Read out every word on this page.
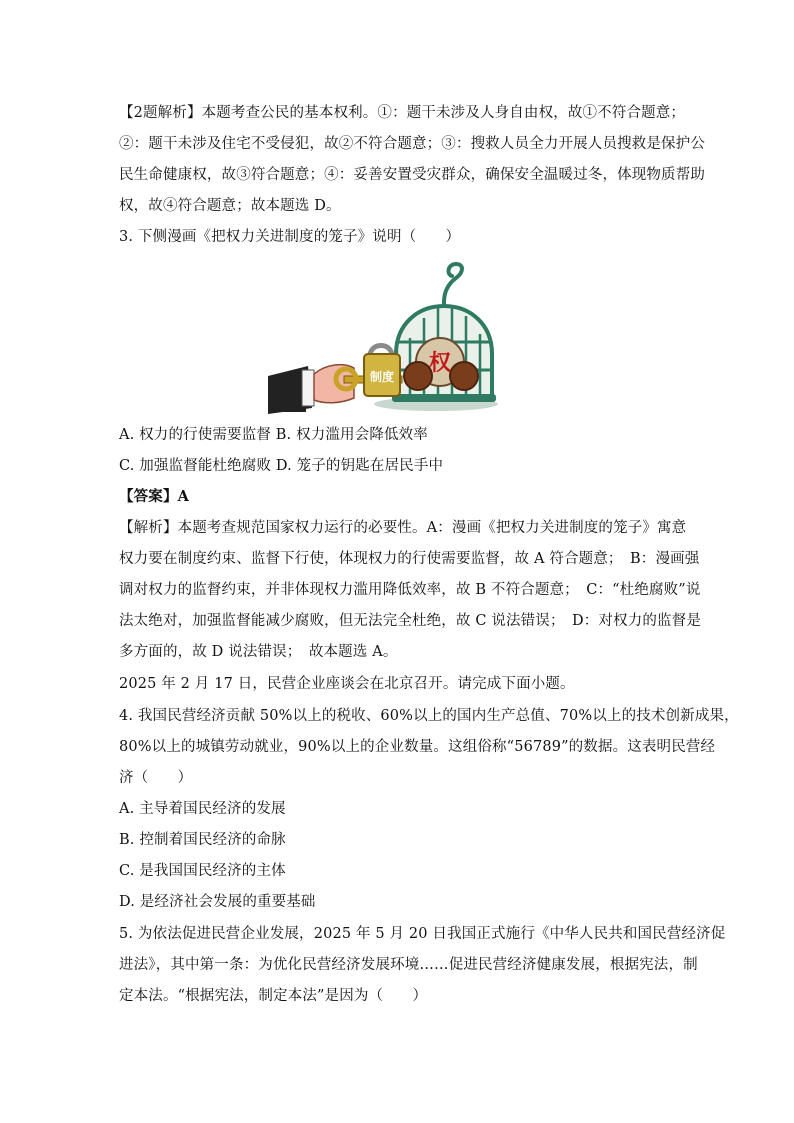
【2题解析】本题考查公民的基本权利。①：题干未涉及人身自由权，故①不符合题意；
②：题干未涉及住宅不受侵犯，故②不符合题意；③：搜救人员全力开展人员搜救是保护公
民生命健康权，故③符合题意；④：妥善安置受灾群众，确保安全温暖过冬，体现物质帮助
权，故④符合题意；故本题选 D。
3. 下侧漫画《把权力关进制度的笼子》说明（　　）
权
制度
A. 权力的行使需要监督 B. 权力滥用会降低效率
C. 加强监督能杜绝腐败 D. 笼子的钥匙在居民手中
【答案】A
【解析】本题考查规范国家权力运行的必要性。A：漫画《把权力关进制度的笼子》寓意
权力要在制度约束、监督下行使，体现权力的行使需要监督，故 A 符合题意；　B：漫画强
调对权力的监督约束，并非体现权力滥用降低效率，故 B 不符合题意；　C：“杜绝腐败”说
法太绝对，加强监督能减少腐败，但无法完全杜绝，故 C 说法错误；　D：对权力的监督是
多方面的，故 D 说法错误；　故本题选 A。
2025 年 2 月 17 日，民营企业座谈会在北京召开。请完成下面小题。
4. 我国民营经济贡献 50%以上的税收、60%以上的国内生产总值、70%以上的技术创新成果，
80%以上的城镇劳动就业，90%以上的企业数量。这组俗称“56789”的数据。这表明民营经
济（　　）
A. 主导着国民经济的发展
B. 控制着国民经济的命脉
C. 是我国国民经济的主体
D. 是经济社会发展的重要基础
5. 为依法促进民营企业发展，2025 年 5 月 20 日我国正式施行《中华人民共和国民营经济促
进法》，其中第一条：为优化民营经济发展环境……促进民营经济健康发展，根据宪法，制
定本法。“根据宪法，制定本法”是因为（　　）
